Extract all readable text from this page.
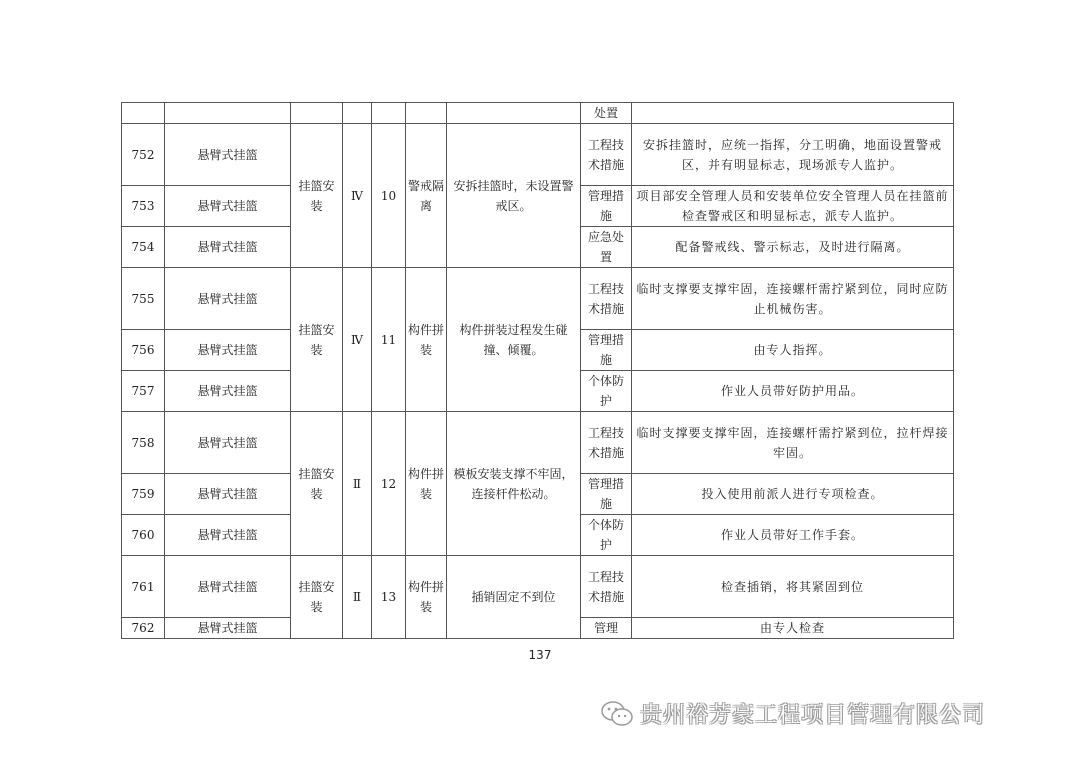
							处置	
752	悬臂式挂篮	挂篮安装	Ⅳ	10	警戒隔离	安拆挂篮时，未设置警戒区。	工程技术措施	安拆挂篮时，应统一指挥，分工明确，地面设置警戒区，并有明显标志，现场派专人监护。
753	悬臂式挂篮						管理措施	项目部安全管理人员和安装单位安全管理人员在挂篮前检查警戒区和明显标志，派专人监护。
754	悬臂式挂篮						应急处置	配备警戒线、警示标志，及时进行隔离。
755	悬臂式挂篮	挂篮安装	Ⅳ	11	构件拼装	构件拼装过程发生碰撞、倾覆。	工程技术措施	临时支撑要支撑牢固，连接螺杆需拧紧到位，同时应防止机械伤害。
756	悬臂式挂篮						管理措施	由专人指挥。
757	悬臂式挂篮						个体防护	作业人员带好防护用品。
758	悬臂式挂篮	挂篮安装	Ⅱ	12	构件拼装	模板安装支撑不牢固，连接杆件松动。	工程技术措施	临时支撑要支撑牢固，连接螺杆需拧紧到位，拉杆焊接牢固。
759	悬臂式挂篮						管理措施	投入使用前派人进行专项检查。
760	悬臂式挂篮						个体防护	作业人员带好工作手套。
761	悬臂式挂篮	挂篮安装	Ⅱ	13	构件拼装	插销固定不到位	工程技术措施	检查插销，将其紧固到位
762	悬臂式挂篮						管理	由专人检查
137
贵州裕芳豪工程项目管理有限公司
